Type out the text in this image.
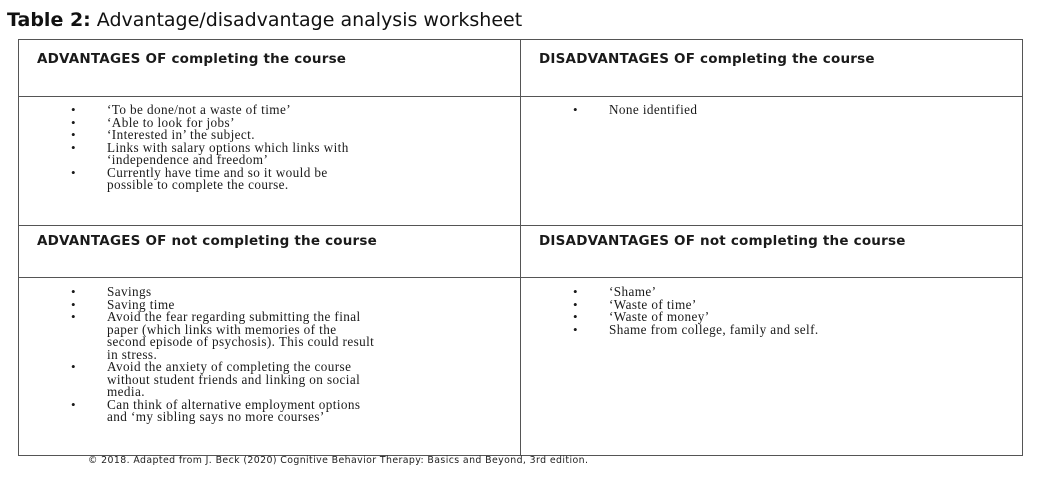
Table 2: Advantage/disadvantage analysis worksheet
ADVANTAGES OF completing the course	DISADVANTAGES OF completing the course
ADVANTAGES OF not completing the course	DISADVANTAGES OF not completing the course
• ‘To be done/not a waste of time’
• ‘Able to look for jobs’
• ‘Interested in’ the subject.
• Links with salary options which links with
‘independence and freedom’
• Currently have time and so it would be
possible to complete the course.
• None identified
• Savings
• Saving time
• Avoid the fear regarding submitting the final
paper (which links with memories of the
second episode of psychosis). This could result
in stress.
• Avoid the anxiety of completing the course
without student friends and linking on social
media.
• Can think of alternative employment options
and ‘my sibling says no more courses’
• ‘Shame’
• ‘Waste of time’
• ‘Waste of money’
• Shame from college, family and self.
© 2018. Adapted from J. Beck (2020) Cognitive Behavior Therapy: Basics and Beyond, 3rd edition.
